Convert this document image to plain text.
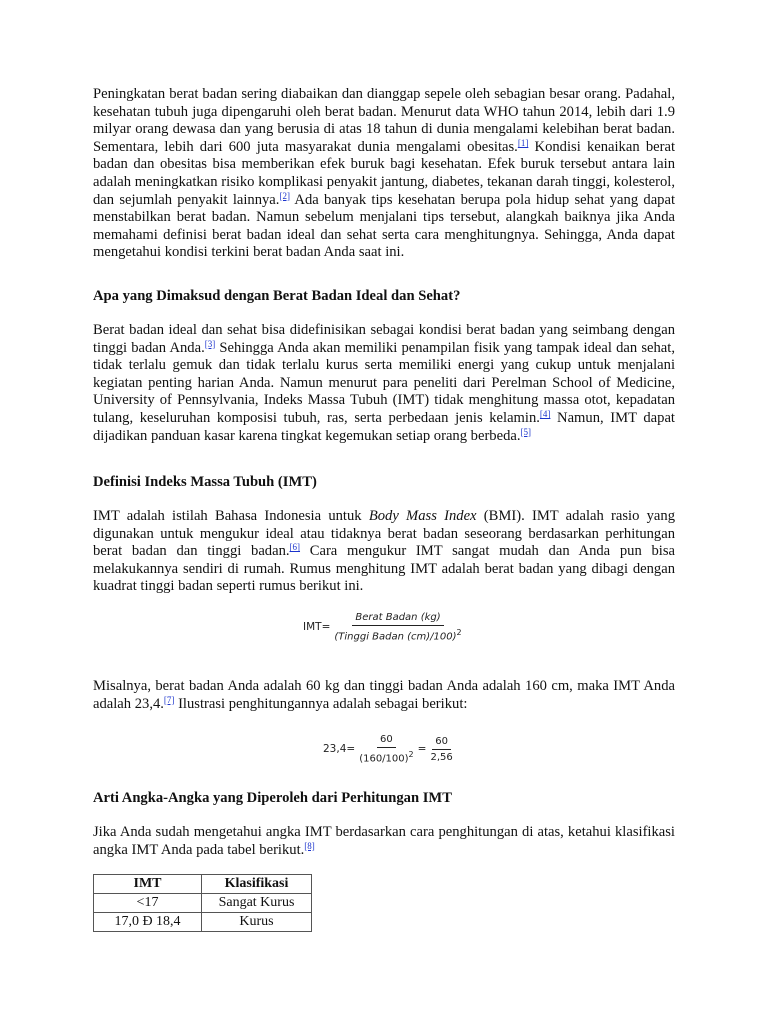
Peningkatan berat badan sering diabaikan dan dianggap sepele oleh sebagian besar orang. Padahal, kesehatan tubuh juga dipengaruhi oleh berat badan. Menurut data WHO tahun 2014, lebih dari 1.9 milyar orang dewasa dan yang berusia di atas 18 tahun di dunia mengalami kelebihan berat badan. Sementara, lebih dari 600 juta masyarakat dunia mengalami obesitas.[1] Kondisi kenaikan berat badan dan obesitas bisa memberikan efek buruk bagi kesehatan. Efek buruk tersebut antara lain adalah meningkatkan risiko komplikasi penyakit jantung, diabetes, tekanan darah tinggi, kolesterol, dan sejumlah penyakit lainnya.[2] Ada banyak tips kesehatan berupa pola hidup sehat yang dapat menstabilkan berat badan. Namun sebelum menjalani tips tersebut, alangkah baiknya jika Anda memahami definisi berat badan ideal dan sehat serta cara menghitungnya. Sehingga, Anda dapat mengetahui kondisi terkini berat badan Anda saat ini.

Apa yang Dimaksud dengan Berat Badan Ideal dan Sehat?

Berat badan ideal dan sehat bisa didefinisikan sebagai kondisi berat badan yang seimbang dengan tinggi badan Anda.[3] Sehingga Anda akan memiliki penampilan fisik yang tampak ideal dan sehat, tidak terlalu gemuk dan tidak terlalu kurus serta memiliki energi yang cukup untuk menjalani kegiatan penting harian Anda. Namun menurut para peneliti dari Perelman School of Medicine, University of Pennsylvania, Indeks Massa Tubuh (IMT) tidak menghitung massa otot, kepadatan tulang, keseluruhan komposisi tubuh, ras, serta perbedaan jenis kelamin.[4] Namun, IMT dapat dijadikan panduan kasar karena tingkat kegemukan setiap orang berbeda.[5]

Definisi Indeks Massa Tubuh (IMT)

IMT adalah istilah Bahasa Indonesia untuk Body Mass Index (BMI). IMT adalah rasio yang digunakan untuk mengukur ideal atau tidaknya berat badan seseorang berdasarkan perhitungan berat badan dan tinggi badan.[6] Cara mengukur IMT sangat mudah dan Anda pun bisa melakukannya sendiri di rumah. Rumus menghitung IMT adalah berat badan yang dibagi dengan kuadrat tinggi badan seperti rumus berikut ini.

$IMT= \frac{\text{Berat Badan (kg)}}{(Tinggi Badan (cm)/100)^2}$

Misalnya, berat badan Anda adalah 60 kg dan tinggi badan Anda adalah 160 cm, maka IMT Anda adalah 23,4.[7] Ilustrasi penghitungannya adalah sebagai berikut:

$23,4= \frac{60}{(160/100)^2} = \frac{60}{2,56}$
Arti Angka-Angka yang Diperoleh dari Perhitungan IMT

Jika Anda sudah mengetahui angka IMT berdasarkan cara penghitungan di atas, ketahui klasifikasi angka IMT Anda pada tabel berikut.[8]

IMT	Klasifikasi
<17	Sangat Kurus
17,0 Đ 18,4	Kurus
